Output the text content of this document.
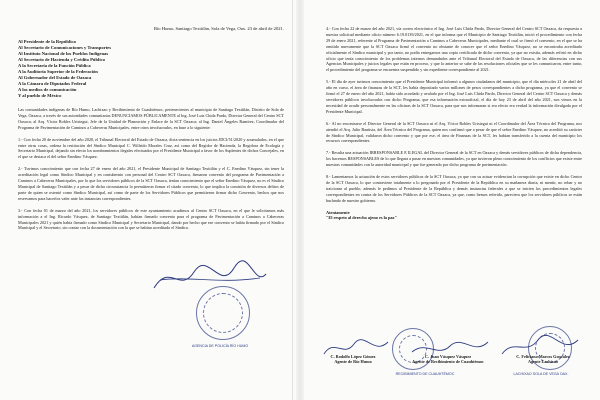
Río Humo, Santiago Textitlán, Sola de Vega, Oax. 23 de abril de 2021.
Al Presidente de la República
Al Secretario de Comunicaciones y Transportes
Al Instituto Nacional de los Pueblos Indígenas
Al Secretario de Hacienda y Crédito Público
A la Secretaría de la Función Pública
A la Auditoría Superior de la Federación
Al Gobernador del Estado de Oaxaca
A la Cámara de Diputados Federal
A los medios de comunicación
Y al pueblo de México

Las comunidades indígenas de Río Humo, Lachixao y Recibimiento de Cuauhtémoc, pertenecientes al municipio de Santiago Textitlán, Distrito de Sola de Vega, Oaxaca, a través de sus autoridades comunitarias DENUNCIAMOS PÚBLICAMENTE al Ing. José Luis Chida Pardo, Director General del Centro SCT Oaxaca; al Arq. Víctor Robles Uristegui, Jefe de la Unidad de Planeación y Enlace de la SCT Oaxaca; al Ing. Daniel Ángeles Ramírez, Coordinador del Programa de Pavimentación de Caminos a Cabeceras Municipales, entre otros involucrados, en base a lo siguiente:

1.- Con fecha 20 de noviembre del año 2020, el Tribunal Electoral del Estado de Oaxaca, dicta sentencia en los juicios JDCI/51/2020 y acumulados, en el que entre otras cosas, ordena la restitución del Síndico Municipal C. Wilfrido Morales Cruz, así como del Regidor de Hacienda, la Regidora de Ecología y Secretario Municipal, dejando sin efecto los nombramientos ilegales efectuados por el Presidente Municipal a favor de los Suplentes de dichos Concejales, en el que se destaca el del señor Enedino Vásquez.

2.- Tuvimos conocimiento que con fecha 27 de enero del año 2021, el Presidente Municipal de Santiago Textitlán y el C. Enedino Vásquez, sin tener la acreditación legal como Síndico Municipal y en contubernio con personal del Centro SCT Oaxaca, firmaron convenio del programa de Pavimentación a Caminos a Cabeceras Municipales, por lo que los servidores públicos de la SCT Oaxaca, tenían conocimiento que el señor Enedino Vásquez, no es el Síndico Municipal de Santiago Textitlán y a pesar de dicha circunstancia lo permitieron firmar el citado convenio, lo que implica la comisión de diversos delitos de parte de quien se ostentó como Síndico Municipal, así como de parte de los Servidores Públicos que permitieron firmar dicho Convenio, hechos que nos reservamos para hacerlos valer ante las instancias correspondientes.

3.- Con fecha 01 de marzo del año 2021, los servidores públicos de este ayuntamiento acudimos al Centro SCT Oaxaca, en el que le solicitamos más información a el Ing. Ricardo Vásquez, de Santiago Textitlán, habían firmado convenio para el programa de Pavimentación a Caminos a Cabeceras Municipales 2021 y quién había firmado como Síndico Municipal y Secretario Municipal, dando por hecho que ese convenio se había firmado por el Síndico Municipal y el Secretario, sin contar con la documentación con la que se habían acreditado el Síndico.

AGENCIA DE POLICÍA RÍO HUMO

4.- Con fecha 22 de marzo del año 2021, vía correo electrónico el Ing. José Luis Chida Pardo, Director General del Centro SCT Oaxaca, da respuesta a nuestra solicitud mediante oficio número 6.19.0139/2021, en el que informa que el Municipio de Santiago Textitlán, inició el procedimiento con fecha 29 de enero 2021, referente al Programa de Pavimentación a Caminos a Cabeceras Municipales, mediante el cual se firmó el convenio, en el que se ha omitido nuevamente que la SCT Oaxaca firmó el convenio no obstante de conocer que el señor Enedino Vásquez, no se encontraba acreditado oficialmente el Síndico municipal y por tanto, no podía entregarnos una copia certificada de dicho convenio, ya que no existía, además refirió en dicho oficio que tenía conocimiento de los problemas internos demandados ante el Tribunal Electoral del Estado de Oaxaca, de las diferencias con sus Agencias Municipales y juicios legales que están en proceso, y que lo anterior se sabe de las resoluciones oficiales que se les comunicaron, entre tanto, el procedimiento del programa se encuentra suspendido y sin expediente correspondiente al 2021.

5.- El día de ayer tuvimos conocimiento que el Presidente Municipal informó a algunos ciudadanos del municipio, que el día miércoles 21 de abril del año en curso, el área de finanzas de la SCT, les había depositado varios millones de pesos correspondientes a dicho programa, ya que el convenio se firmó el 27 de enero del año 2021, había sido acordado y avalado por el Ing. José Luis Chida Pardo, Director General del Centro SCT Oaxaca y demás servidores públicos involucrados con dicho Programa, que esa información extraoficial, el día de hoy 23 de abril del año 2021, nos vimos en la necesidad de acudir personalmente en las oficinas de la SCT Oaxaca, para que nos informaran si era efecto era verdad la información divulgada por el Presidente Municipal.

6.- Al no encontrarse el Director General de la SCT Oaxaca ni el Arq. Víctor Robles Uristegui ni el Coordinador del Área Técnica del Programa, nos atendió el Arq. Julio Bautista, del Área Técnica del Programa, quien nos confirmó que a pesar de que el señor Enedino Vásquez, no acreditó su carácter de Síndico Municipal, validaron dicho convenio y que por ese, el área de Finanzas de la SCT, les habían transferido a la cuenta del municipio los recursos correspondientes.

7.- Resulta una actuación IRRESPONSABLE E ILEGAL del Director General de la SCT en Oaxaca y demás servidores públicos de dicha dependencia, los hacemos RESPONSABLES de lo que llegara a pasar en nuestras comunidades, ya que tuvieron pleno conocimiento de los conflictos que existe entre nuestras comunidades con la autoridad municipal y que fue generado por dicho programa de pavimentación.

8.- Lamentamos la actuación de estos servidores públicos de la SCT Oaxaca, ya que con su actuar evidencian la corrupción que existe en dicho Centro de la SCT Oaxaca, lo que contraviene totalmente a lo pregonado por el Presidente de la República en su mañanera diaria, ni mentir, no robar y no traicionar al pueblo, además le pedimos al Presidente de la República y demás instancias federales a que se inicien los procedimientos legales correspondientes en contra de los Servidores Públicos de la SCT Oaxaca, ya que, como hemos referido, pareciera que los servidores públicos se están burlando de nuestro gobierno.

Atentamente
"El respeto al derecho ajeno es la paz"
RECIBIMIENTO DE CUAUHTÉMOC	LACHIXAO SOLA DE VEGA OAX.
C. Rodolfo López Gómez
Agente de Río Humo
C. Juan Vásquez Vásquez
Agente de Recibimiento de Cuauhtémoc
C. Feliciano Marcos González
Agente Lachixao
